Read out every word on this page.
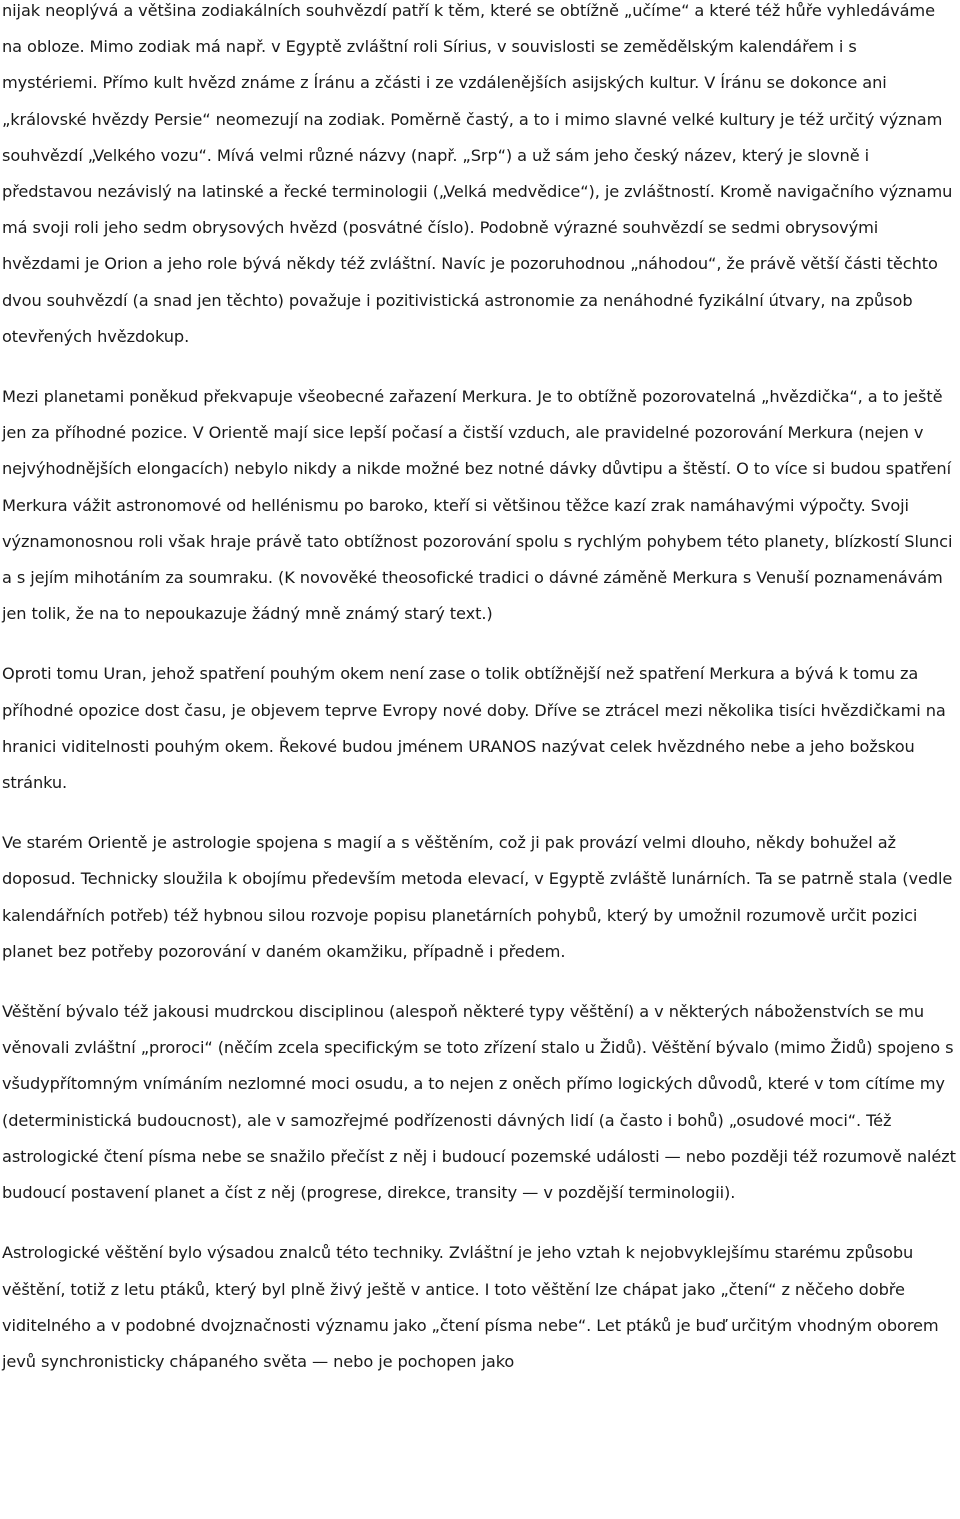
nijak neoplývá a většina zodiakálních souhvězdí patří k těm, které se obtížně „učíme“ a které též hůře vyhledáváme na obloze. Mimo zodiak má např. v Egyptě zvláštní roli Sírius, v souvislosti se zemědělským kalendářem i s mystériemi. Přímo kult hvězd známe z Íránu a zčásti i ze vzdálenějších asijských kultur. V Íránu se dokonce ani „královské hvězdy Persie“ neomezují na zodiak. Poměrně častý, a to i mimo slavné velké kultury je též určitý význam souhvězdí „Velkého vozu“. Mívá velmi různé názvy (např. „Srp“) a už sám jeho český název, který je slovně i představou nezávislý na latinské a řecké terminologii („Velká medvědice“), je zvláštností. Kromě navigačního významu má svoji roli jeho sedm obrysových hvězd (posvátné číslo). Podobně výrazné souhvězdí se sedmi obrysovými hvězdami je Orion a jeho role bývá někdy též zvláštní. Navíc je pozoruhodnou „náhodou“, že právě větší části těchto dvou souhvězdí (a snad jen těchto) považuje i pozitivistická astronomie za nenáhodné fyzikální útvary, na způsob otevřených hvězdokup.

Mezi planetami poněkud překvapuje všeobecné zařazení Merkura. Je to obtížně pozorovatelná „hvězdička“, a to ještě jen za příhodné pozice. V Orientě mají sice lepší počasí a čistší vzduch, ale pravidelné pozorování Merkura (nejen v nejvýhodnějších elongacích) nebylo nikdy a nikde možné bez notné dávky důvtipu a štěstí. O to více si budou spatření Merkura vážit astronomové od hellénismu po baroko, kteří si většinou těžce kazí zrak namáhavými výpočty. Svoji významonosnou roli však hraje právě tato obtížnost pozorování spolu s rychlým pohybem této planety, blízkostí Slunci a s jejím mihotáním za soumraku. (K novověké theosofické tradici o dávné záměně Merkura s Venuší poznamenávám jen tolik, že na to nepoukazuje žádný mně známý starý text.)

Oproti tomu Uran, jehož spatření pouhým okem není zase o tolik obtížnější než spatření Merkura a bývá k tomu za příhodné opozice dost času, je objevem teprve Evropy nové doby. Dříve se ztrácel mezi několika tisíci hvězdičkami na hranici viditelnosti pouhým okem. Řekové budou jménem URANOS nazývat celek hvězdného nebe a jeho božskou stránku.

Ve starém Orientě je astrologie spojena s magií a s věštěním, což ji pak provází velmi dlouho, někdy bohužel až doposud. Technicky sloužila k obojímu především metoda elevací, v Egyptě zvláště lunárních. Ta se patrně stala (vedle kalendářních potřeb) též hybnou silou rozvoje popisu planetárních pohybů, který by umožnil rozumově určit pozici planet bez potřeby pozorování v daném okamžiku, případně i předem.

Věštění bývalo též jakousi mudrckou disciplinou (alespoň některé typy věštění) a v některých náboženstvích se mu věnovali zvláštní „proroci“ (něčím zcela specifickým se toto zřízení stalo u Židů). Věštění bývalo (mimo Židů) spojeno s všudypřítomným vnímáním nezlomné moci osudu, a to nejen z oněch přímo logických důvodů, které v tom cítíme my (deterministická budoucnost), ale v samozřejmé podřízenosti dávných lidí (a často i bohů) „osudové moci“. Též astrologické čtení písma nebe se snažilo přečíst z něj i budoucí pozemské události — nebo později též rozumově nalézt budoucí postavení planet a číst z něj (progrese, direkce, transity — v pozdější terminologii).

Astrologické věštění bylo výsadou znalců této techniky. Zvláštní je jeho vztah k nejobvyklejšímu starému způsobu věštění, totiž z letu ptáků, který byl plně živý ještě v antice. I toto věštění lze chápat jako „čtení“ z něčeho dobře viditelného a v podobné dvojznačnosti významu jako „čtení písma nebe“. Let ptáků je buď určitým vhodným oborem jevů synchronisticky chápaného světa — nebo je pochopen jako
